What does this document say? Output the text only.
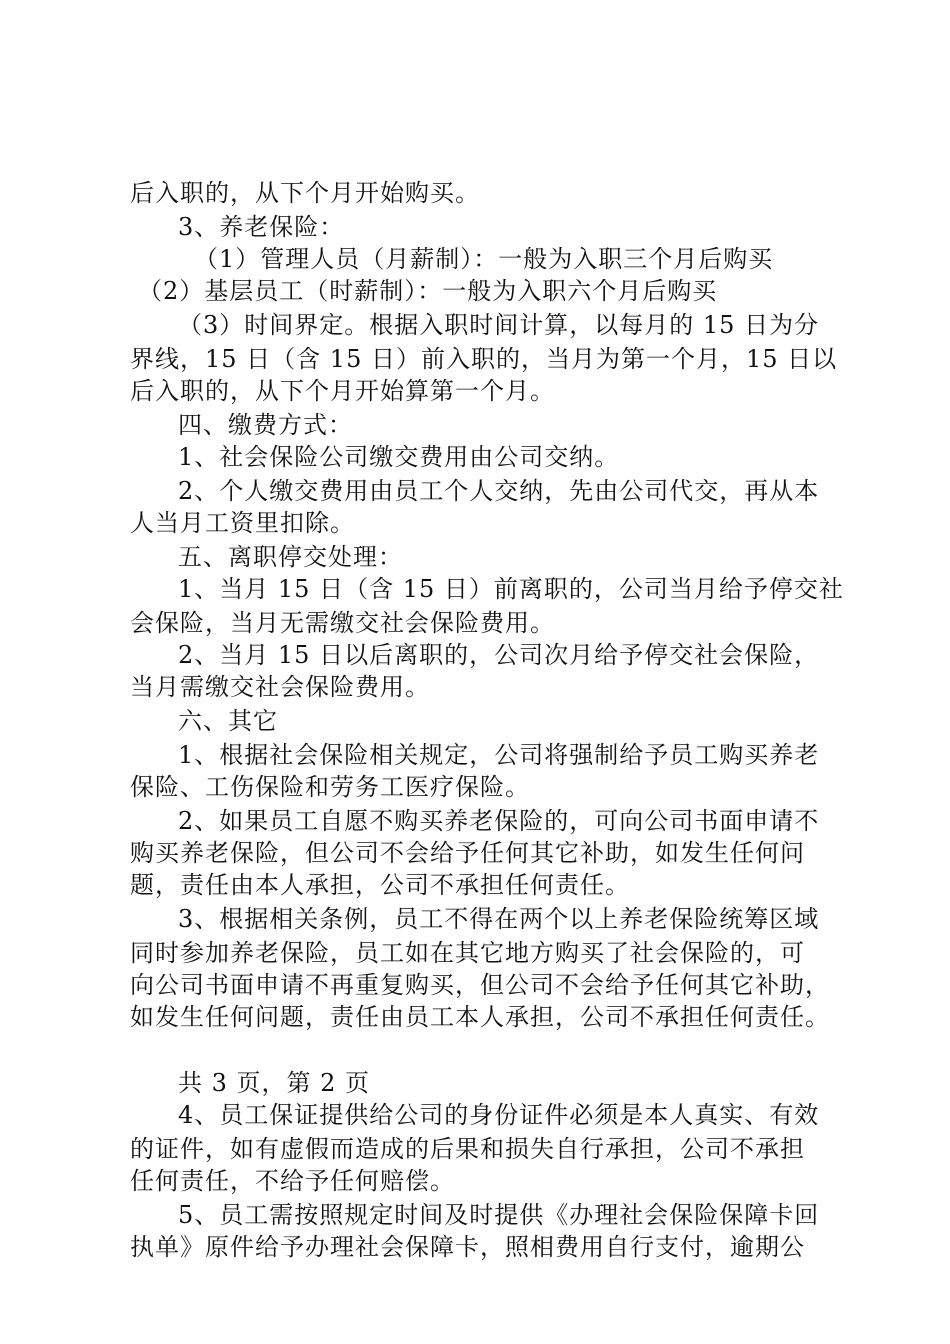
后入职的，从下个月开始购买。
3、养老保险：
（1）管理人员（月薪制）：一般为入职三个月后购买
（2）基层员工（时薪制）：一般为入职六个月后购买
（3）时间界定。根据入职时间计算，以每月的 15 日为分
界线，15 日（含 15 日）前入职的，当月为第一个月，15 日以
后入职的，从下个月开始算第一个月。
四、缴费方式：
1、社会保险公司缴交费用由公司交纳。
2、个人缴交费用由员工个人交纳，先由公司代交，再从本
人当月工资里扣除。
五、离职停交处理：
1、当月 15 日（含 15 日）前离职的，公司当月给予停交社
会保险，当月无需缴交社会保险费用。
2、当月 15 日以后离职的，公司次月给予停交社会保险，
当月需缴交社会保险费用。
六、其它
1、根据社会保险相关规定，公司将强制给予员工购买养老
保险、工伤保险和劳务工医疗保险。
2、如果员工自愿不购买养老保险的，可向公司书面申请不
购买养老保险，但公司不会给予任何其它补助，如发生任何问
题，责任由本人承担，公司不承担任何责任。
3、根据相关条例，员工不得在两个以上养老保险统筹区域
同时参加养老保险，员工如在其它地方购买了社会保险的，可
向公司书面申请不再重复购买，但公司不会给予任何其它补助，
如发生任何问题，责任由员工本人承担，公司不承担任何责任。
共 3 页，第 2 页
4、员工保证提供给公司的身份证件必须是本人真实、有效
的证件，如有虚假而造成的后果和损失自行承担，公司不承担
任何责任，不给予任何赔偿。
5、员工需按照规定时间及时提供《办理社会保险保障卡回
执单》原件给予办理社会保障卡，照相费用自行支付，逾期公
